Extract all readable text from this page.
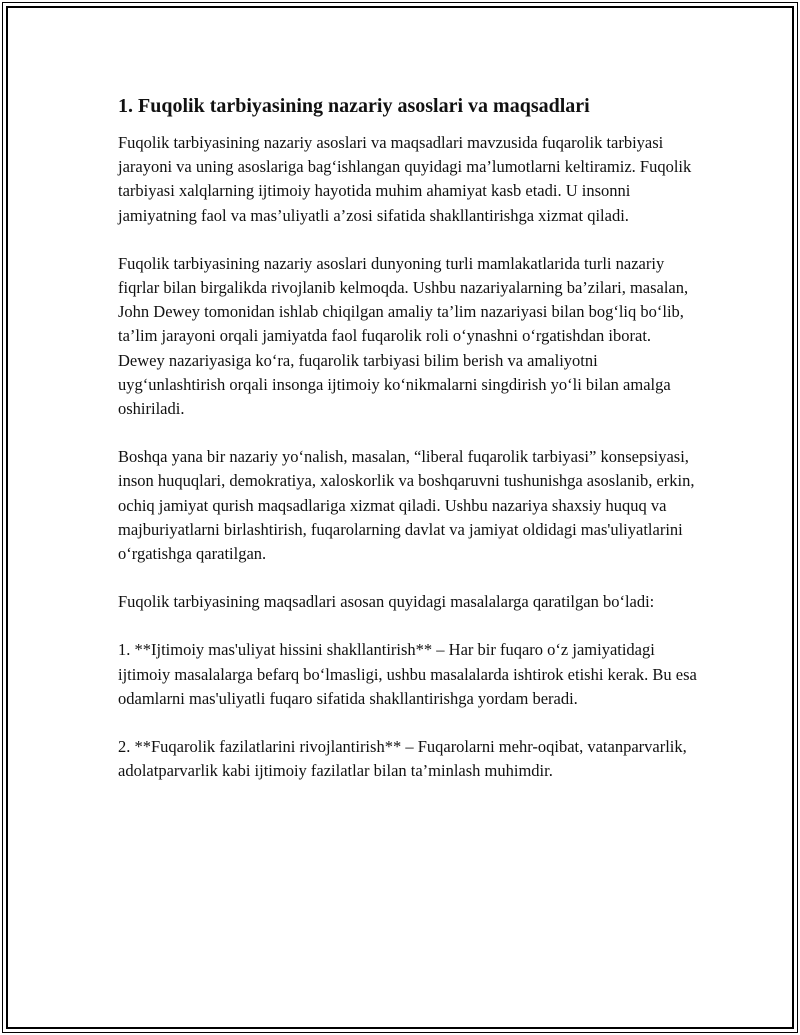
1. Fuqolik tarbiyasining nazariy asoslari va maqsadlari

Fuqolik tarbiyasining nazariy asoslari va maqsadlari mavzusida fuqarolik tarbiyasi jarayoni va uning asoslariga bag‘ishlangan quyidagi ma’lumotlarni keltiramiz. Fuqolik tarbiyasi xalqlarning ijtimoiy hayotida muhim ahamiyat kasb etadi. U insonni jamiyatning faol va mas’uliyatli a’zosi sifatida shakllantirishga xizmat qiladi.

Fuqolik tarbiyasining nazariy asoslari dunyoning turli mamlakatlarida turli nazariy fiqrlar bilan birgalikda rivojlanib kelmoqda. Ushbu nazariyalarning ba’zilari, masalan, John Dewey tomonidan ishlab chiqilgan amaliy ta’lim nazariyasi bilan bog‘liq bo‘lib, ta’lim jarayoni orqali jamiyatda faol fuqarolik roli o‘ynashni o‘rgatishdan iborat. Dewey nazariyasiga ko‘ra, fuqarolik tarbiyasi bilim berish va amaliyotni uyg‘unlashtirish orqali insonga ijtimoiy ko‘nikmalarni singdirish yo‘li bilan amalga oshiriladi.

Boshqa yana bir nazariy yo‘nalish, masalan, “liberal fuqarolik tarbiyasi” konsepsiyasi, inson huquqlari, demokratiya, xaloskorlik va boshqaruvni tushunishga asoslanib, erkin, ochiq jamiyat qurish maqsadlariga xizmat qiladi. Ushbu nazariya shaxsiy huquq va majburiyatlarni birlashtirish, fuqarolarning davlat va jamiyat oldidagi mas'uliyatlarini o‘rgatishga qaratilgan.

Fuqolik tarbiyasining maqsadlari asosan quyidagi masalalarga qaratilgan bo‘ladi:

1. **Ijtimoiy mas'uliyat hissini shakllantirish** – Har bir fuqaro o‘z jamiyatidagi ijtimoiy masalalarga befarq bo‘lmasligi, ushbu masalalarda ishtirok etishi kerak. Bu esa odamlarni mas'uliyatli fuqaro sifatida shakllantirishga yordam beradi.

2. **Fuqarolik fazilatlarini rivojlantirish** – Fuqarolarni mehr-oqibat, vatanparvarlik, adolatparvarlik kabi ijtimoiy fazilatlar bilan ta’minlash muhimdir.
